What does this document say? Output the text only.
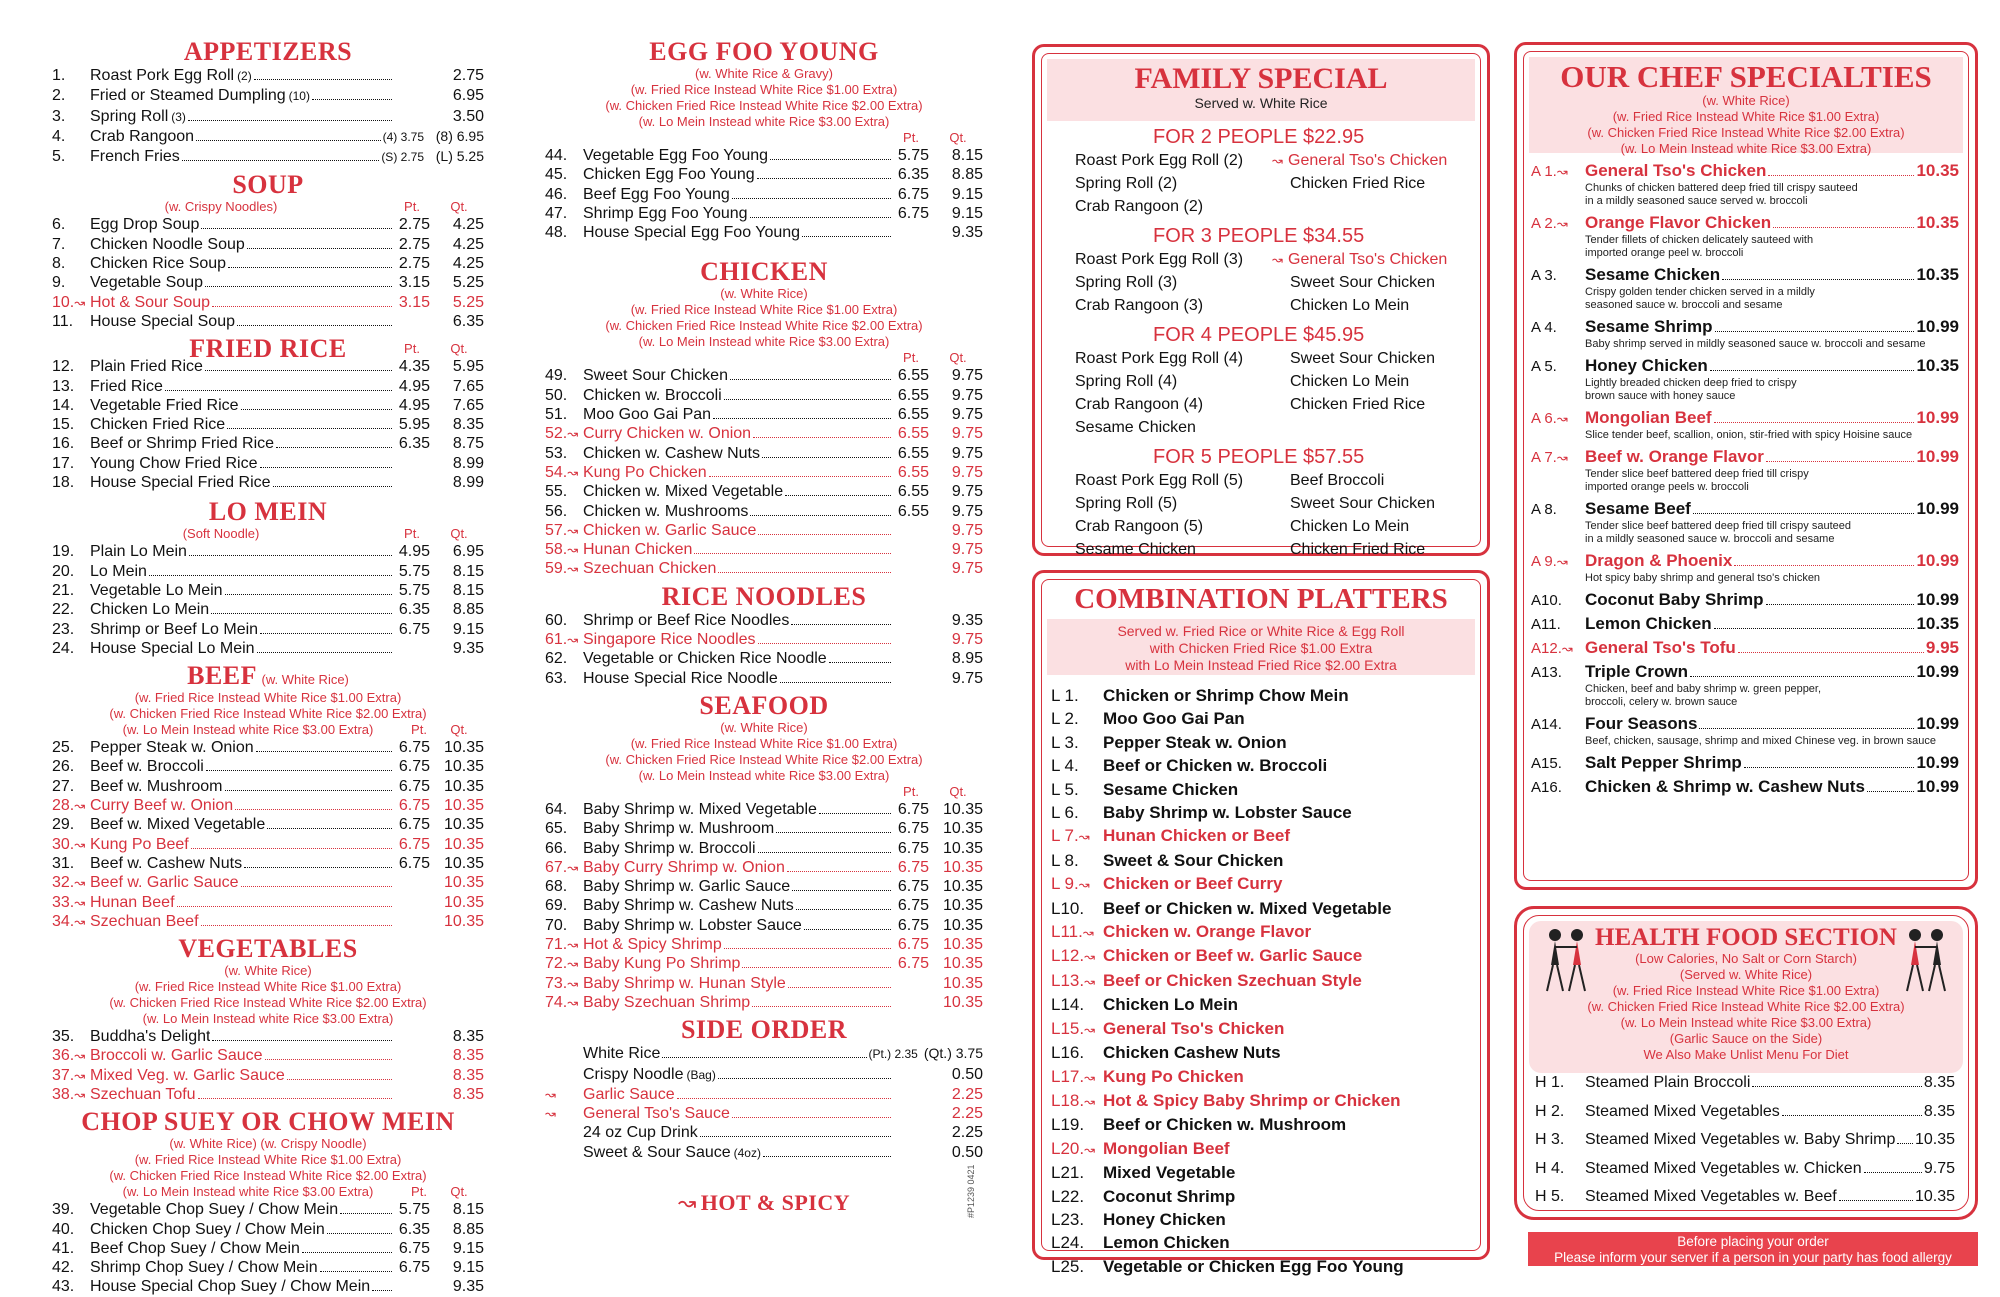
APPETIZERS
1.	Roast Pork Egg Roll (2)	2.75
2.	Fried or Steamed Dumpling (10)	6.95
3.	Spring Roll (3)	3.50
4.	Crab Rangoon	(4) 3.75 (8) 6.95
5.	French Fries	(S) 2.75 (L) 5.25
SOUP
(w. Crispy Noodles)	Pt.	Qt.
6.	Egg Drop Soup	2.75	4.25
7.	Chicken Noodle Soup	2.75	4.25
8.	Chicken Rice Soup	2.75	4.25
9.	Vegetable Soup	3.15	5.25
10.↝ Hot & Sour Soup	3.15	5.25
11.	House Special Soup	6.35
FRIED RICE	Pt.	Qt.
12. Plain Fried Rice	4.35	5.95
13. Fried Rice	4.95	7.65
14. Vegetable Fried Rice	4.95	7.65
15. Chicken Fried Rice	5.95	8.35
16. Beef or Shrimp Fried Rice	6.35	8.75
17. Young Chow Fried Rice	8.99
18. House Special Fried Rice	8.99
LO MEIN
(Soft Noodle)	Pt.	Qt.
19. Plain Lo Mein	4.95	6.95
20. Lo Mein	5.75	8.15
21. Vegetable Lo Mein	5.75	8.15
22. Chicken Lo Mein	6.35	8.85
23. Shrimp or Beef Lo Mein	6.75	9.15
24. House Special Lo Mein	9.35
BEEF (w. White Rice)
(w. Fried Rice Instead White Rice $1.00 Extra)
(w. Chicken Fried Rice Instead White Rice $2.00 Extra)
(w. Lo Mein Instead white Rice $3.00 Extra)	Pt.	Qt.
25. Pepper Steak w. Onion	6.75 10.35
26. Beef w. Broccoli	6.75 10.35
27. Beef w. Mushroom	6.75 10.35
28.↝ Curry Beef w. Onion	6.75 10.35
29. Beef w. Mixed Vegetable	6.75 10.35
30.↝ Kung Po Beef	6.75 10.35
31. Beef w. Cashew Nuts	6.75 10.35
32.↝ Beef w. Garlic Sauce	10.35
33.↝ Hunan Beef	10.35
34.↝ Szechuan Beef	10.35
VEGETABLES
(w. White Rice)
(w. Fried Rice Instead White Rice $1.00 Extra)
(w. Chicken Fried Rice Instead White Rice $2.00 Extra)
(w. Lo Mein Instead white Rice $3.00 Extra)
35. Buddha's Delight	8.35
36.↝ Broccoli w. Garlic Sauce	8.35
37.↝ Mixed Veg. w. Garlic Sauce	8.35
38.↝ Szechuan Tofu	8.35
CHOP SUEY OR CHOW MEIN
(w. White Rice) (w. Crispy Noodle)
(w. Fried Rice Instead White Rice $1.00 Extra)
(w. Chicken Fried Rice Instead White Rice $2.00 Extra)
(w. Lo Mein Instead white Rice $3.00 Extra)	Pt.	Qt.
39. Vegetable Chop Suey / Chow Mein	5.75	8.15
40. Chicken Chop Suey / Chow Mein	6.35	8.85
41. Beef Chop Suey / Chow Mein	6.75	9.15
42. Shrimp Chop Suey / Chow Mein	6.75	9.15
43. House Special Chop Suey / Chow Mein	9.35
EGG FOO YOUNG
(w. White Rice & Gravy)
(w. Fried Rice Instead White Rice $1.00 Extra)
(w. Chicken Fried Rice Instead White Rice $2.00 Extra)
(w. Lo Mein Instead white Rice $3.00 Extra)
Pt.	Qt.
44. Vegetable Egg Foo Young	5.75	8.15
45. Chicken Egg Foo Young	6.35	8.85
46. Beef Egg Foo Young	6.75	9.15
47. Shrimp Egg Foo Young	6.75	9.15
48. House Special Egg Foo Young	9.35
CHICKEN
(w. White Rice)
(w. Fried Rice Instead White Rice $1.00 Extra)
(w. Chicken Fried Rice Instead White Rice $2.00 Extra)
(w. Lo Mein Instead white Rice $3.00 Extra)
Pt.	Qt.
49. Sweet Sour Chicken	6.55	9.75
50. Chicken w. Broccoli	6.55	9.75
51. Moo Goo Gai Pan	6.55	9.75
52.↝ Curry Chicken w. Onion	6.55	9.75
53. Chicken w. Cashew Nuts	6.55	9.75
54.↝ Kung Po Chicken	6.55	9.75
55. Chicken w. Mixed Vegetable	6.55	9.75
56. Chicken w. Mushrooms	6.55	9.75
57.↝ Chicken w. Garlic Sauce	9.75
58.↝ Hunan Chicken	9.75
59.↝ Szechuan Chicken	9.75
RICE NOODLES
60. Shrimp or Beef Rice Noodles	9.35
61.↝ Singapore Rice Noodles	9.75
62. Vegetable or Chicken Rice Noodle	8.95
63. House Special Rice Noodle	9.75
SEAFOOD
(w. White Rice)
(w. Fried Rice Instead White Rice $1.00 Extra)
(w. Chicken Fried Rice Instead White Rice $2.00 Extra)
(w. Lo Mein Instead white Rice $3.00 Extra)
Pt.	Qt.
64. Baby Shrimp w. Mixed Vegetable	6.75 10.35
65. Baby Shrimp w. Mushroom	6.75 10.35
66. Baby Shrimp w. Broccoli	6.75 10.35
67.↝ Baby Curry Shrimp w. Onion	6.75 10.35
68. Baby Shrimp w. Garlic Sauce	6.75 10.35
69. Baby Shrimp w. Cashew Nuts	6.75 10.35
70. Baby Shrimp w. Lobster Sauce	6.75 10.35
71.↝ Hot & Spicy Shrimp	6.75 10.35
72.↝ Baby Kung Po Shrimp	6.75 10.35
73.↝ Baby Shrimp w. Hunan Style	10.35
74.↝ Baby Szechuan Shrimp	10.35
SIDE ORDER
White Rice	(Pt.) 2.35 (Qt.) 3.75
Crispy Noodle (Bag)	0.50
↝	Garlic Sauce	2.25
↝	General Tso's Sauce	2.25
24 oz Cup Drink	2.25
Sweet & Sour Sauce (4oz)	0.50
↝ HOT & SPICY	#P1239 0421
FAMILY SPECIAL
Served w. White Rice
FOR 2 PEOPLE $22.95
Roast Pork Egg Roll (2)	↝ General Tso's Chicken
Spring Roll (2)	Chicken Fried Rice
Crab Rangoon (2)
FOR 3 PEOPLE $34.55
Roast Pork Egg Roll (3)	↝ General Tso's Chicken
Spring Roll (3)	Sweet Sour Chicken
Crab Rangoon (3)	Chicken Lo Mein
FOR 4 PEOPLE $45.95
Roast Pork Egg Roll (4)	Sweet Sour Chicken
Spring Roll (4)	Chicken Lo Mein
Crab Rangoon (4)	Chicken Fried Rice
Sesame Chicken
FOR 5 PEOPLE $57.55
Roast Pork Egg Roll (5)	Beef Broccoli
Spring Roll (5)	Sweet Sour Chicken
Crab Rangoon (5)	Chicken Lo Mein
Sesame Chicken	Chicken Fried Rice
COMBINATION PLATTERS
Served w. Fried Rice or White Rice & Egg Roll
with Chicken Fried Rice $1.00 Extra
with Lo Mein Instead Fried Rice $2.00 Extra
L 1.	Chicken or Shrimp Chow Mein
L 2.	Moo Goo Gai Pan
L 3.	Pepper Steak w. Onion
L 4.	Beef or Chicken w. Broccoli
L 5.	Sesame Chicken
L 6.	Baby Shrimp w. Lobster Sauce
L 7.↝ Hunan Chicken or Beef
L 8.	Sweet & Sour Chicken
L 9.↝ Chicken or Beef Curry
L10.	Beef or Chicken w. Mixed Vegetable
L11.↝ Chicken w. Orange Flavor
L12.↝ Chicken or Beef w. Garlic Sauce
L13.↝ Beef or Chicken Szechuan Style
L14.	Chicken Lo Mein
L15.↝ General Tso's Chicken
L16.	Chicken Cashew Nuts
L17.↝ Kung Po Chicken
L18.↝ Hot & Spicy Baby Shrimp or Chicken
L19.	Beef or Chicken w. Mushroom
L20.↝ Mongolian Beef
L21.	Mixed Vegetable
L22.	Coconut Shrimp
L23.	Honey Chicken
L24.	Lemon Chicken
L25.	Vegetable or Chicken Egg Foo Young
OUR CHEF SPECIALTIES
(w. White Rice)
(w. Fried Rice Instead White Rice $1.00 Extra)
(w. Chicken Fried Rice Instead White Rice $2.00 Extra)
(w. Lo Mein Instead white Rice $3.00 Extra)
A 1.↝	General Tso's Chicken	10.35
Chunks of chicken battered deep fried till crispy sauteed
in a mildly seasoned sauce served w. broccoli
A 2.↝	Orange Flavor Chicken	10.35
Tender fillets of chicken delicately sauteed with
imported orange peel w. broccoli
A 3.	Sesame Chicken	10.35
Crispy golden tender chicken served in a mildly
seasoned sauce w. broccoli and sesame
A 4.	Sesame Shrimp	10.99
Baby shrimp served in mildly seasoned sauce w. broccoli and sesame
A 5.	Honey Chicken	10.35
Lightly breaded chicken deep fried to crispy
brown sauce with honey sauce
A 6.↝	Mongolian Beef	10.99
Slice tender beef, scallion, onion, stir-fried with spicy Hoisine sauce
A 7.↝	Beef w. Orange Flavor	10.99
Tender slice beef battered deep fried till crispy
imported orange peels w. broccoli
A 8.	Sesame Beef	10.99
Tender slice beef battered deep fried till crispy sauteed
in a mildly seasoned sauce w. broccoli and sesame
A 9.↝	Dragon & Phoenix	10.99
Hot spicy baby shrimp and general tso's chicken
A10.	Coconut Baby Shrimp	10.99
A11.	Lemon Chicken	10.35
A12.↝ General Tso's Tofu	9.95
A13.	Triple Crown	10.99
Chicken, beef and baby shrimp w. green pepper,
broccoli, celery w. brown sauce
A14.	Four Seasons	10.99
Beef, chicken, sausage, shrimp and mixed Chinese veg. in brown sauce
A15.	Salt Pepper Shrimp	10.99
A16.	Chicken & Shrimp w. Cashew Nuts	10.99
HEALTH FOOD SECTION
(Low Calories, No Salt or Corn Starch)
(Served w. White Rice)
(w. Fried Rice Instead White Rice $1.00 Extra)
(w. Chicken Fried Rice Instead White Rice $2.00 Extra)
(w. Lo Mein Instead white Rice $3.00 Extra)
(Garlic Sauce on the Side)
We Also Make Unlist Menu For Diet
H 1.	Steamed Plain Broccoli	8.35
H 2.	Steamed Mixed Vegetables	8.35
H 3.	Steamed Mixed Vegetables w. Baby Shrimp 10.35
H 4.	Steamed Mixed Vegetables w. Chicken	9.75
H 5.	Steamed Mixed Vegetables w. Beef	10.35
Before placing your order
Please inform your server if a person in your party has food allergy
